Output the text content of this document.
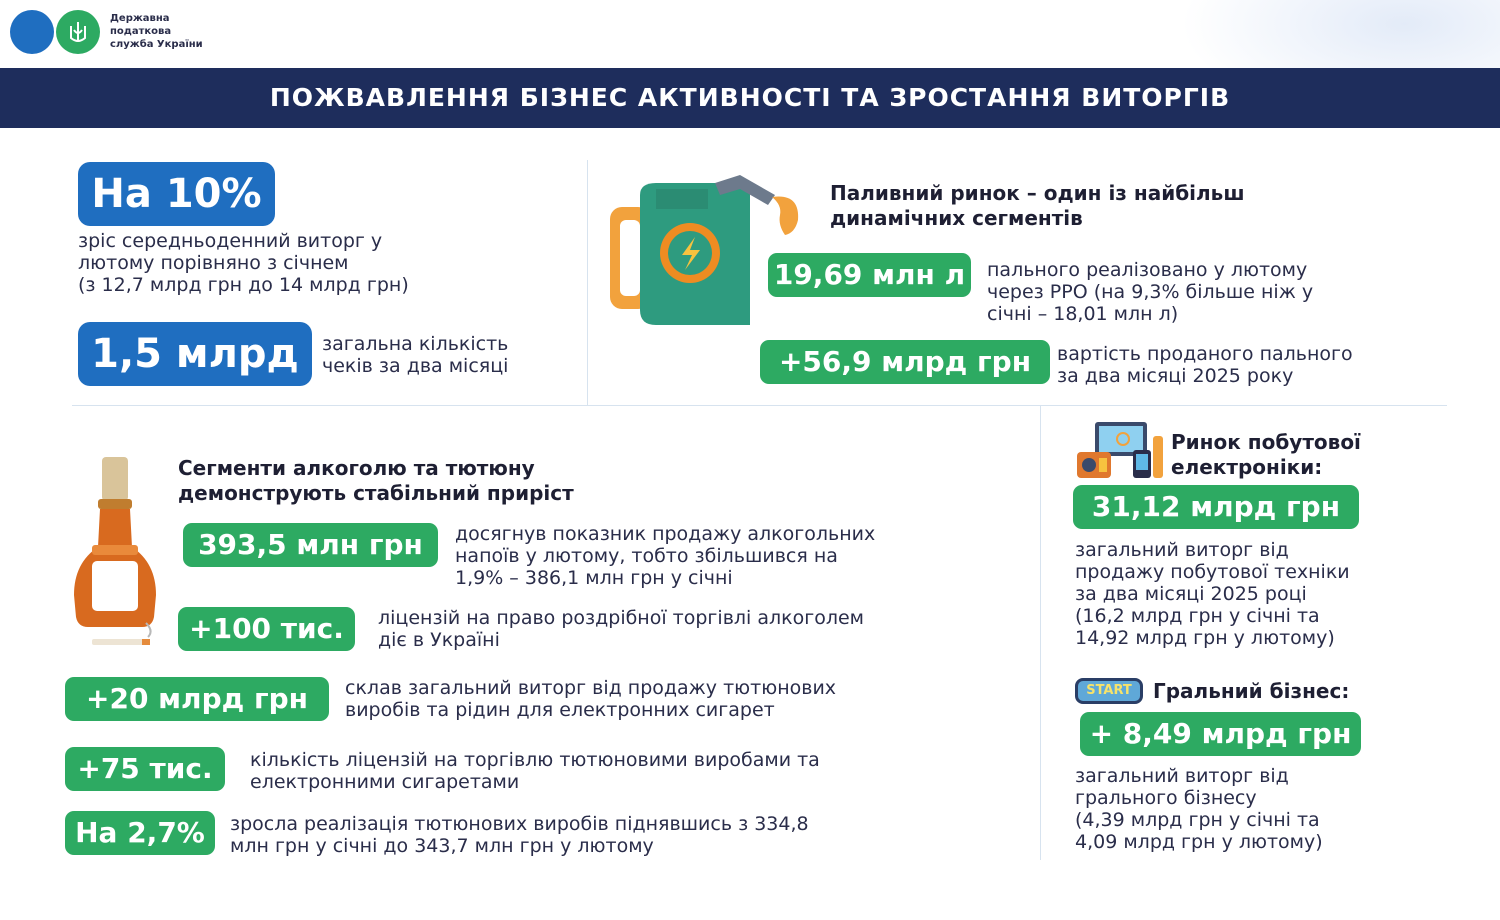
Державна
податкова
служба України
ПОЖВАВЛЕННЯ БІЗНЕС АКТИВНОСТІ ТА ЗРОСТАННЯ ВИТОРГІВ
На 10%
зріс середньоденний виторг у
лютому порівняно з січнем
(з 12,7 млрд грн до 14 млрд грн)
1,5 млрд	загальна кількість
чеків за два місяці
Паливний ринок – один із найбільш
динамічних сегментів
19,69 млн л	пального реалізовано у лютому
через РРО (на 9,3% більше ніж у
січні – 18,01 млн л)
+56,9 млрд грн	вартість проданого пального
за два місяці 2025 року
Сегменти алкоголю та тютюну
демонструють стабільний приріст
393,5 млн грн	досягнув показник продажу алкогольних
напоїв у лютому, тобто збільшився на
1,9% – 386,1 млн грн у січні
+100 тис.	ліцензій на право роздрібної торгівлі алкоголем
діє в Україні
+20 млрд грн	склав загальний виторг від продажу тютюнових
виробів та рідин для електронних сигарет
+75 тис.	кількість ліцензій на торгівлю тютюновими виробами та
електронними сигаретами
На 2,7%	зросла реалізація тютюнових виробів піднявшись з 334,8
млн грн у січні до 343,7 млн грн у лютому
Ринок побутової
електроніки:
31,12 млрд грн
загальний виторг від
продажу побутової техніки
за два місяці 2025 році
(16,2 млрд грн у січні та
14,92 млрд грн у лютому)
START	Гральний бізнес:
+ 8,49 млрд грн
загальний виторг від
грального бізнесу
(4,39 млрд грн у січні та
4,09 млрд грн у лютому)
